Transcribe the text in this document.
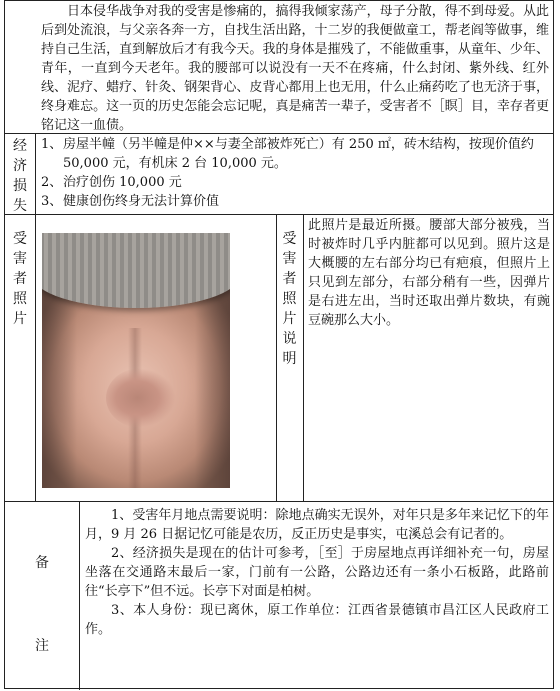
日本侵华战争对我的受害是惨痛的，搞得我倾家荡产，母子分散，得不到母爱。从此后到处流浪，与父亲各奔一方，自找生活出路，十二岁的我便做童工，帮老阎等做事，维持自己生活，直到解放后才有我今天。我的身体是摧残了，不能做重事，从童年、少年、青年，一直到今天老年。我的腰部可以说没有一天不在疼痛，什么封闭、紫外线、红外线、泥疗、蜡疗、针灸、钢架背心、皮背心都用上也无用，什么止痛药吃了也无济于事，终身难忘。这一页的历史怎能会忘记呢，真是痛苦一辈子，受害者不［瞑］目，幸存者更铭记这一血债。

经
济
损
失
1、 房屋半幢（另半幢是仲××与妻全部被炸死亡）有 250 ㎡，砖木结构，按现价值约 50,000 元，有机床 2 台 10,000 元。
2、 治疗创伤 10,000 元
3、 健康创伤终身无法计算价值
受
害
者
照
片
受
害
者
照
片
说
明
此照片是最近所摄。腰部大部分被残，当时被炸时几乎内脏都可以见到。照片这是大概腰的左右部分均已有疤痕，但照片上只见到左部分，右部分稍有一些，因弹片是右进左出，当时还取出弹片数块，有豌豆碗那么大小。
备
注

1、受害年月地点需要说明：除地点确实无误外，对年只是多年来记忆下的年月，9 月 26 日据记忆可能是农历，反正历史是事实，屯溪总会有记者的。

2、经济损失是现在的估计可参考，［至］于房屋地点再详细补充一句，房屋坐落在交通路末最后一家，门前有一公路，公路边还有一条小石板路，此路前往“长亭下”但不远。长亭下对面是柏树。

3、本人身份：现已离休，原工作单位：江西省景德镇市昌江区人民政府工作。
